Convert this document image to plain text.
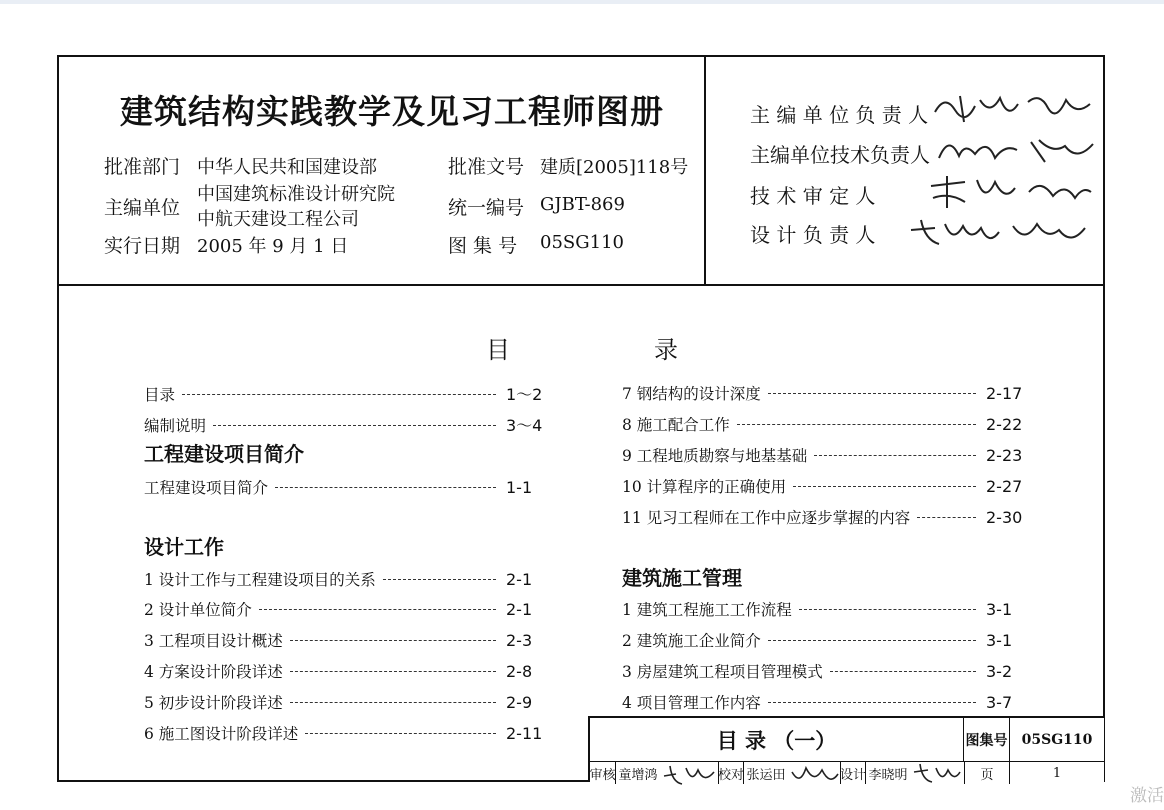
建筑结构实践教学及见习工程师图册
批准部门 中华人民共和国建设部	批准文号 建质[2005]118号
主编单位
中国建筑标准设计研究院
中航天建设工程公司
统一编号 GJBT-869
实行日期 2005 年 9 月 1 日	图 集 号 05SG110
主 编 单 位 负 责 人
主编单位技术负责人
技 术 审 定 人
设 计 负 责 人
目	录
目录	1～2
编制说明	3～4
工程建设项目简介
工程建设项目简介	1-1
设计工作
1 设计工作与工程建设项目的关系	2-1
2 设计单位简介	2-1
3 工程项目设计概述	2-3
4 方案设计阶段详述	2-8
5 初步设计阶段详述	2-9
6 施工图设计阶段详述	2-11
7 钢结构的设计深度	2-17
8 施工配合工作	2-22
9 工程地质勘察与地基基础	2-23
10 计算程序的正确使用	2-27
11 见习工程师在工作中应逐步掌握的内容	2-30
建筑施工管理
1 建筑工程施工工作流程	3-1
2 建筑施工企业简介	3-1
3 房屋建筑工程项目管理模式	3-2
4 项目管理工作内容	3-7
目 录 （一）	图集号	05SG110
审核 童增鸿	校对 张运田	设计 李晓明	页	1
激活
